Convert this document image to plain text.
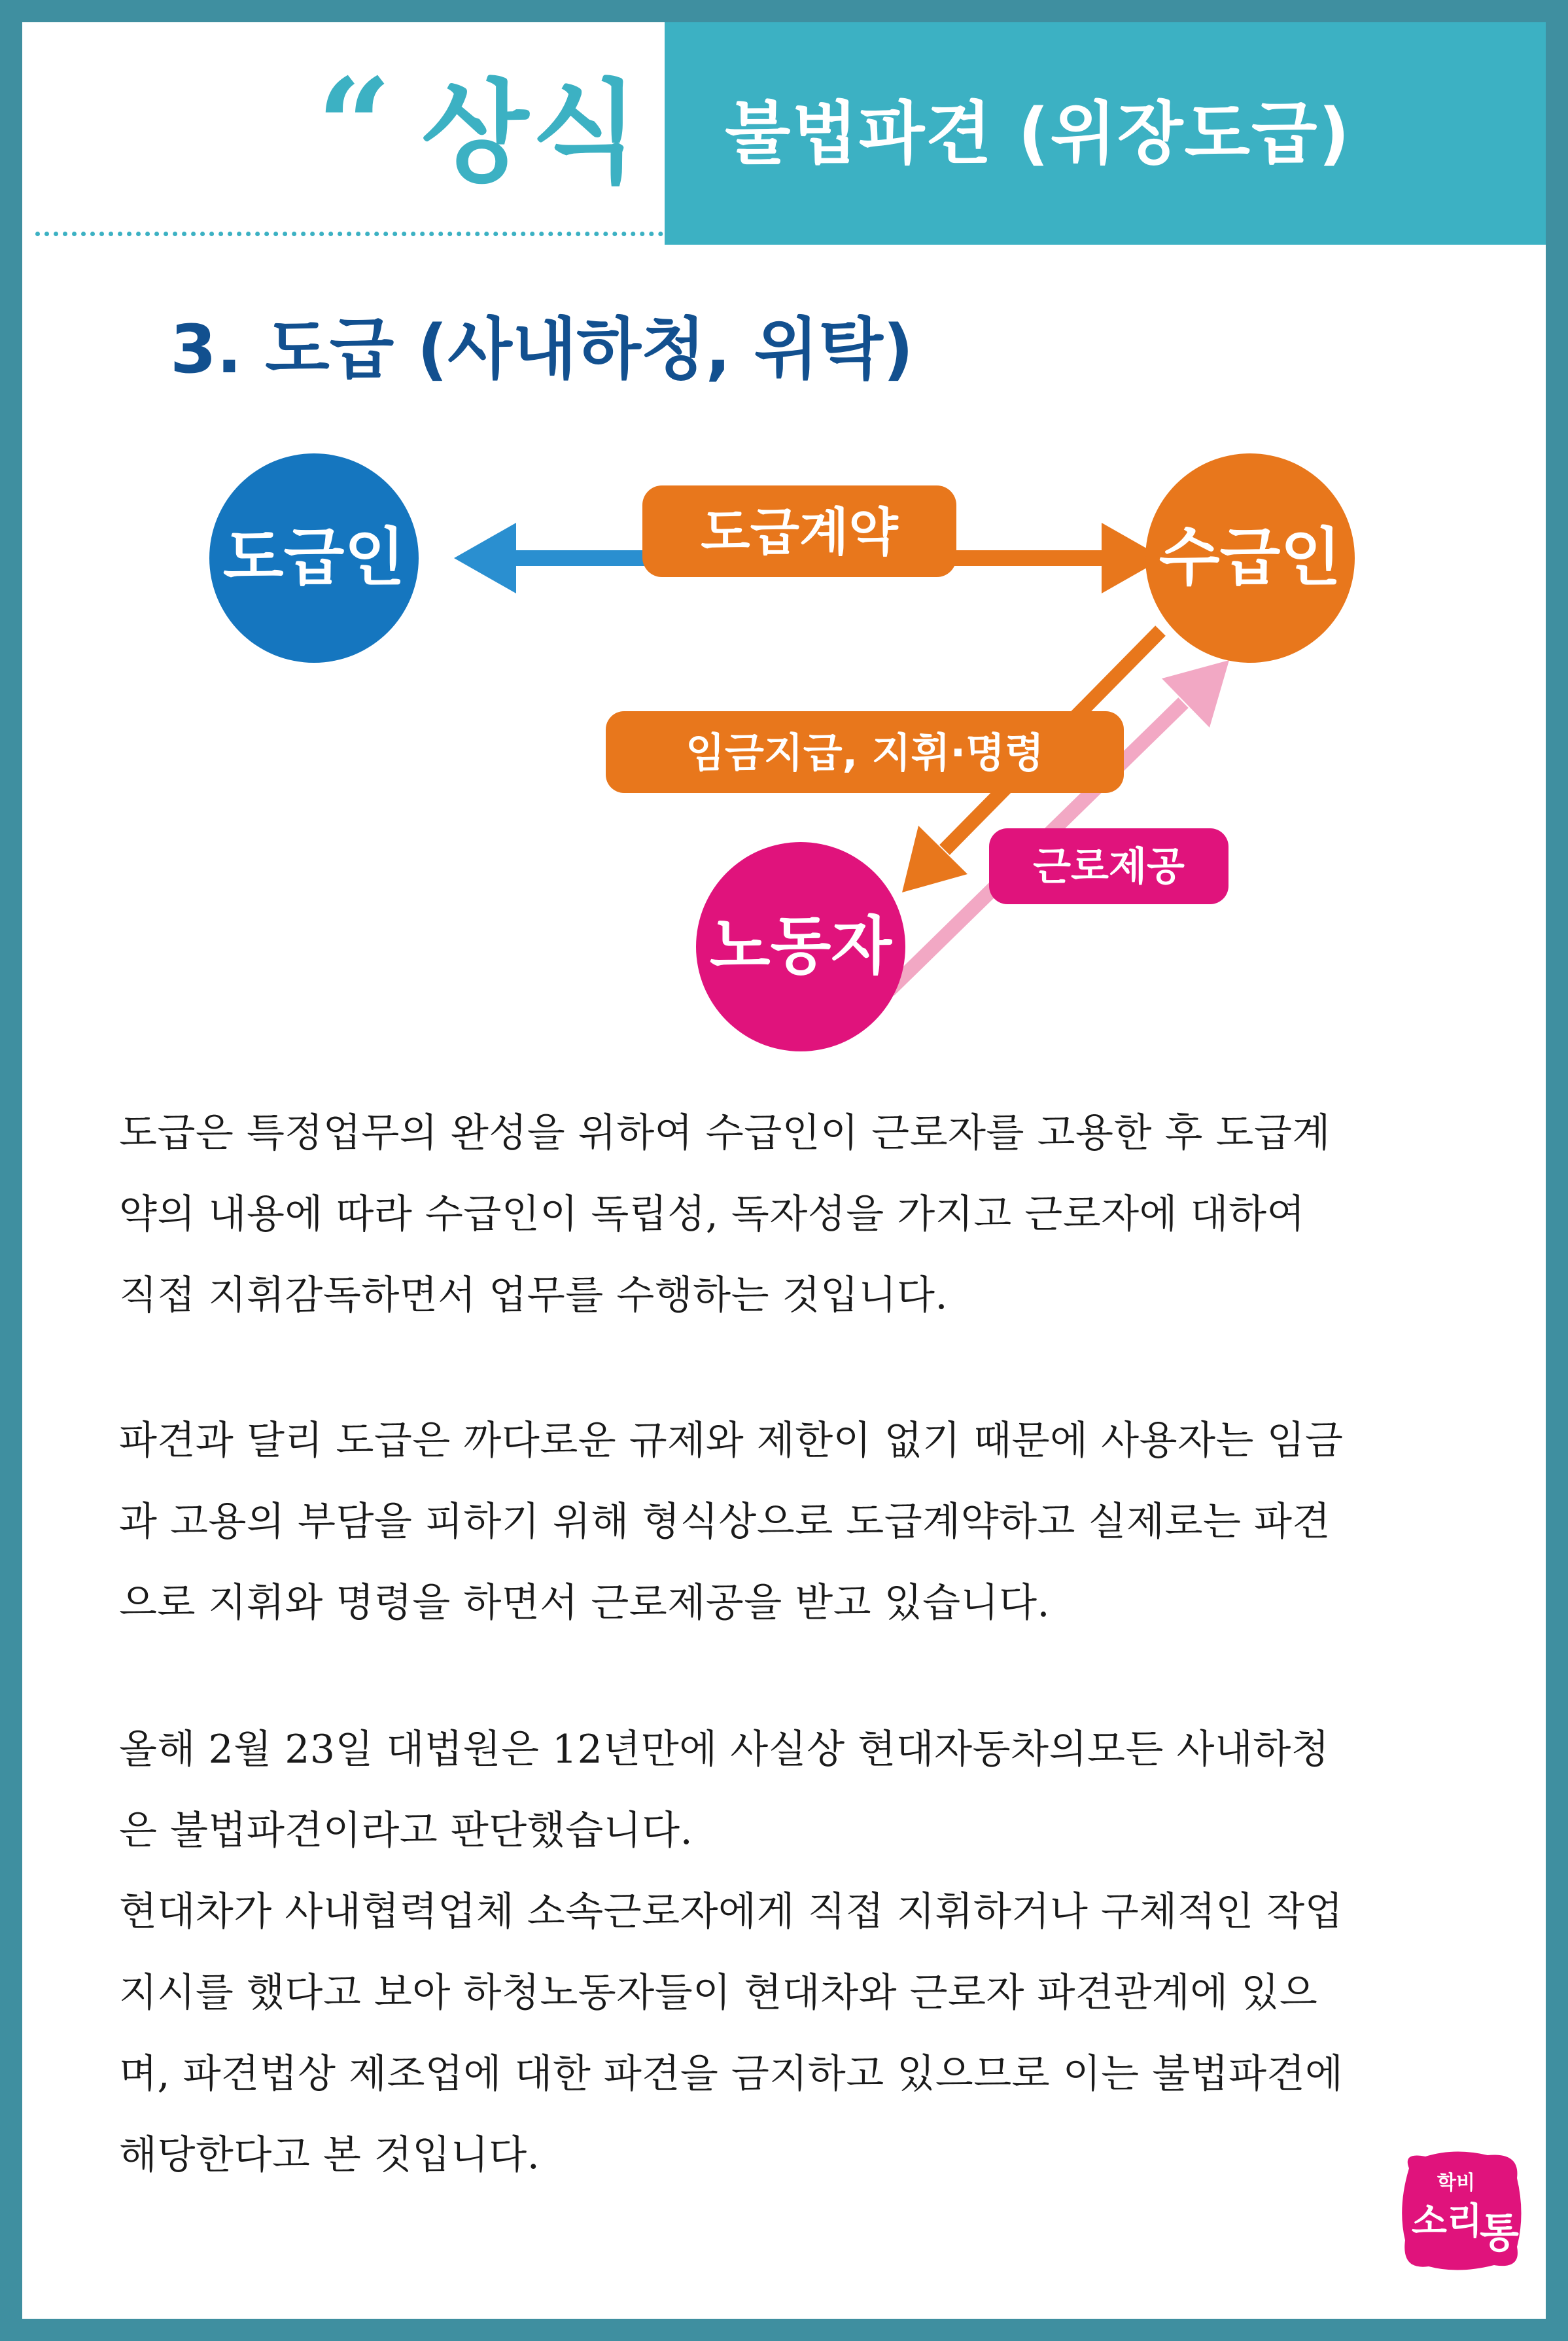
“ 상식 불법파견 (위장도급)
3. 도급 (사내하청, 위탁)
도급인	수급인
노동자
도급계약
임금지급, 지휘·명령
근로제공
도급은 특정업무의 완성을 위하여 수급인이 근로자를 고용한 후 도급계
약의 내용에 따라 수급인이 독립성, 독자성을 가지고 근로자에 대하여
직접 지휘감독하면서 업무를 수행하는 것입니다.
파견과 달리 도급은 까다로운 규제와 제한이 없기 때문에 사용자는 임금
과 고용의 부담을 피하기 위해 형식상으로 도급계약하고 실제로는 파견
으로 지휘와 명령을 하면서 근로제공을 받고 있습니다.
올해 2월 23일 대법원은 12년만에 사실상 현대자동차의모든 사내하청
은 불법파견이라고 판단했습니다.
현대차가 사내협력업체 소속근로자에게 직접 지휘하거나 구체적인 작업
지시를 했다고 보아 하청노동자들이 현대차와 근로자 파견관계에 있으
며, 파견법상 제조업에 대한 파견을 금지하고 있으므로 이는 불법파견에
해당한다고 본 것입니다.
학비
소리
통
